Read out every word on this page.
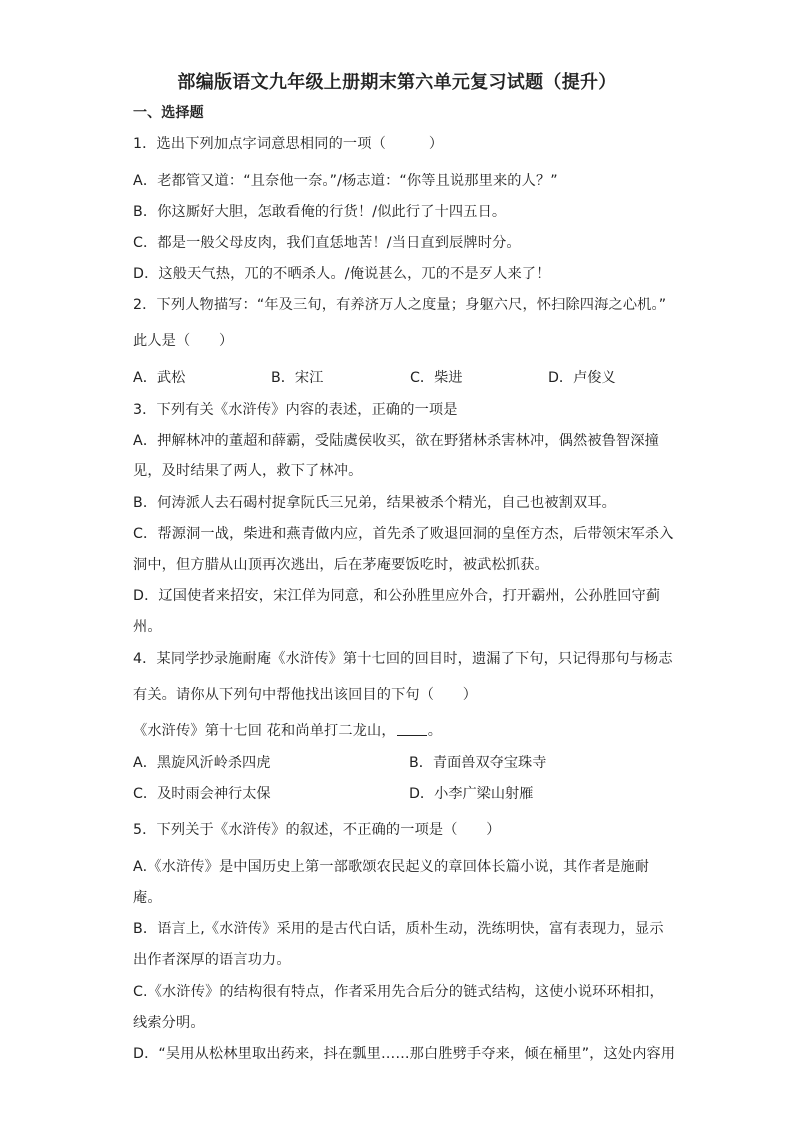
部编版语文九年级上册期末第六单元复习试题（提升）
一、选择题
1．选出下列加点字词意思相同的一项（　　　）
A．老都管又道：“且奈他一奈。”/杨志道：“你等且说那里来的人？”
B．你这厮好大胆，怎敢看俺的行货！/似此行了十四五日。
C．都是一般父母皮肉，我们直恁地苦！/当日直到辰牌时分。
D．这般天气热，兀的不晒杀人。/俺说甚么，兀的不是歹人来了！
2．下列人物描写：“年及三旬，有养济万人之度量；身躯六尺，怀扫除四海之心机。”
此人是（　　）
A．武松	B．宋江	C．柴进	D．卢俊义
3．下列有关《水浒传》内容的表述，正确的一项是
A．押解林冲的董超和薛霸，受陆虞侯收买，欲在野猪林杀害林冲，偶然被鲁智深撞
见，及时结果了两人，救下了林冲。
B．何涛派人去石碣村捉拿阮氏三兄弟，结果被杀个精光，自己也被割双耳。
C．帮源洞一战，柴进和燕青做内应，首先杀了败退回洞的皇侄方杰，后带领宋军杀入
洞中，但方腊从山顶再次逃出，后在茅庵要饭吃时，被武松抓获。
D．辽国使者来招安，宋江佯为同意，和公孙胜里应外合，打开霸州，公孙胜回守蓟
州。
4．某同学抄录施耐庵《水浒传》第十七回的回目时，遗漏了下句，只记得那句与杨志
有关。请你从下列句中帮他找出该回目的下句（　　）
《水浒传》第十七回 花和尚单打二龙山， 。
A．黑旋风沂岭杀四虎	B．青面兽双夺宝珠寺
C．及时雨会神行太保	D．小李广梁山射雁
5．下列关于《水浒传》的叙述，不正确的一项是（　　）
A.《水浒传》是中国历史上第一部歌颂农民起义的章回体长篇小说，其作者是施耐
庵。
B．语言上,《水浒传》采用的是古代白话，质朴生动，洗练明快，富有表现力，显示
出作者深厚的语言功力。
C.《水浒传》的结构很有特点，作者采用先合后分的链式结构，这使小说环环相扣，
线索分明。
D．“吴用从松林里取出药来，抖在瓢里……那白胜劈手夺来，倾在桶里”，这处内容用
